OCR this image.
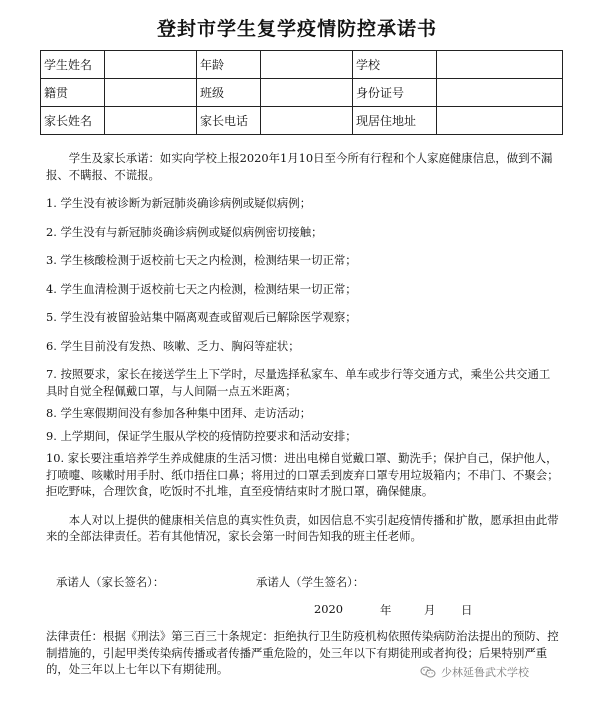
登封市学生复学疫情防控承诺书
学生姓名		年龄		学校	
籍贯		班级		身份证号	
家长姓名		家长电话		现居住地址	

学生及家长承诺：如实向学校上报2020年1月10日至今所有行程和个人家庭健康信息，做到不漏报、不瞒报、不谎报。

1. 学生没有被诊断为新冠肺炎确诊病例或疑似病例；

2. 学生没有与新冠肺炎确诊病例或疑似病例密切接触；

3. 学生核酸检测于返校前七天之内检测，检测结果一切正常；

4. 学生血清检测于返校前七天之内检测，检测结果一切正常；

5. 学生没有被留验站集中隔离观查或留观后已解除医学观察；

6. 学生目前没有发热、咳嗽、乏力、胸闷等症状；

7. 按照要求，家长在接送学生上下学时，尽量选择私家车、单车或步行等交通方式，乘坐公共交通工具时自觉全程佩戴口罩，与人间隔一点五米距离；

8. 学生寒假期间没有参加各种集中团拜、走访活动；

9. 上学期间，保证学生服从学校的疫情防控要求和活动安排；

10. 家长要注重培养学生养成健康的生活习惯：进出电梯自觉戴口罩、勤洗手；保护自己，保护他人，打喷嚏、咳嗽时用手肘、纸巾捂住口鼻；将用过的口罩丢到废弃口罩专用垃圾箱内；不串门、不聚会；拒吃野味，合理饮食，吃饭时不扎堆，直至疫情结束时才脱口罩，确保健康。

本人对以上提供的健康相关信息的真实性负责，如因信息不实引起疫情传播和扩散，愿承担由此带来的全部法律责任。若有其他情况，家长会第一时间告知我的班主任老师。

承诺人（家长签名）：	承诺人（学生签名）：
2020	年	月 日
法律责任：根据《刑法》第三百三十条规定：拒绝执行卫生防疫机构依照传染病防治法提出的预防、控制措施的，引起甲类传染病传播或者传播严重危险的，处三年以下有期徒刑或者拘役；后果特别严重的，处三年以上七年以下有期徒刑。	少林延鲁武术学校
